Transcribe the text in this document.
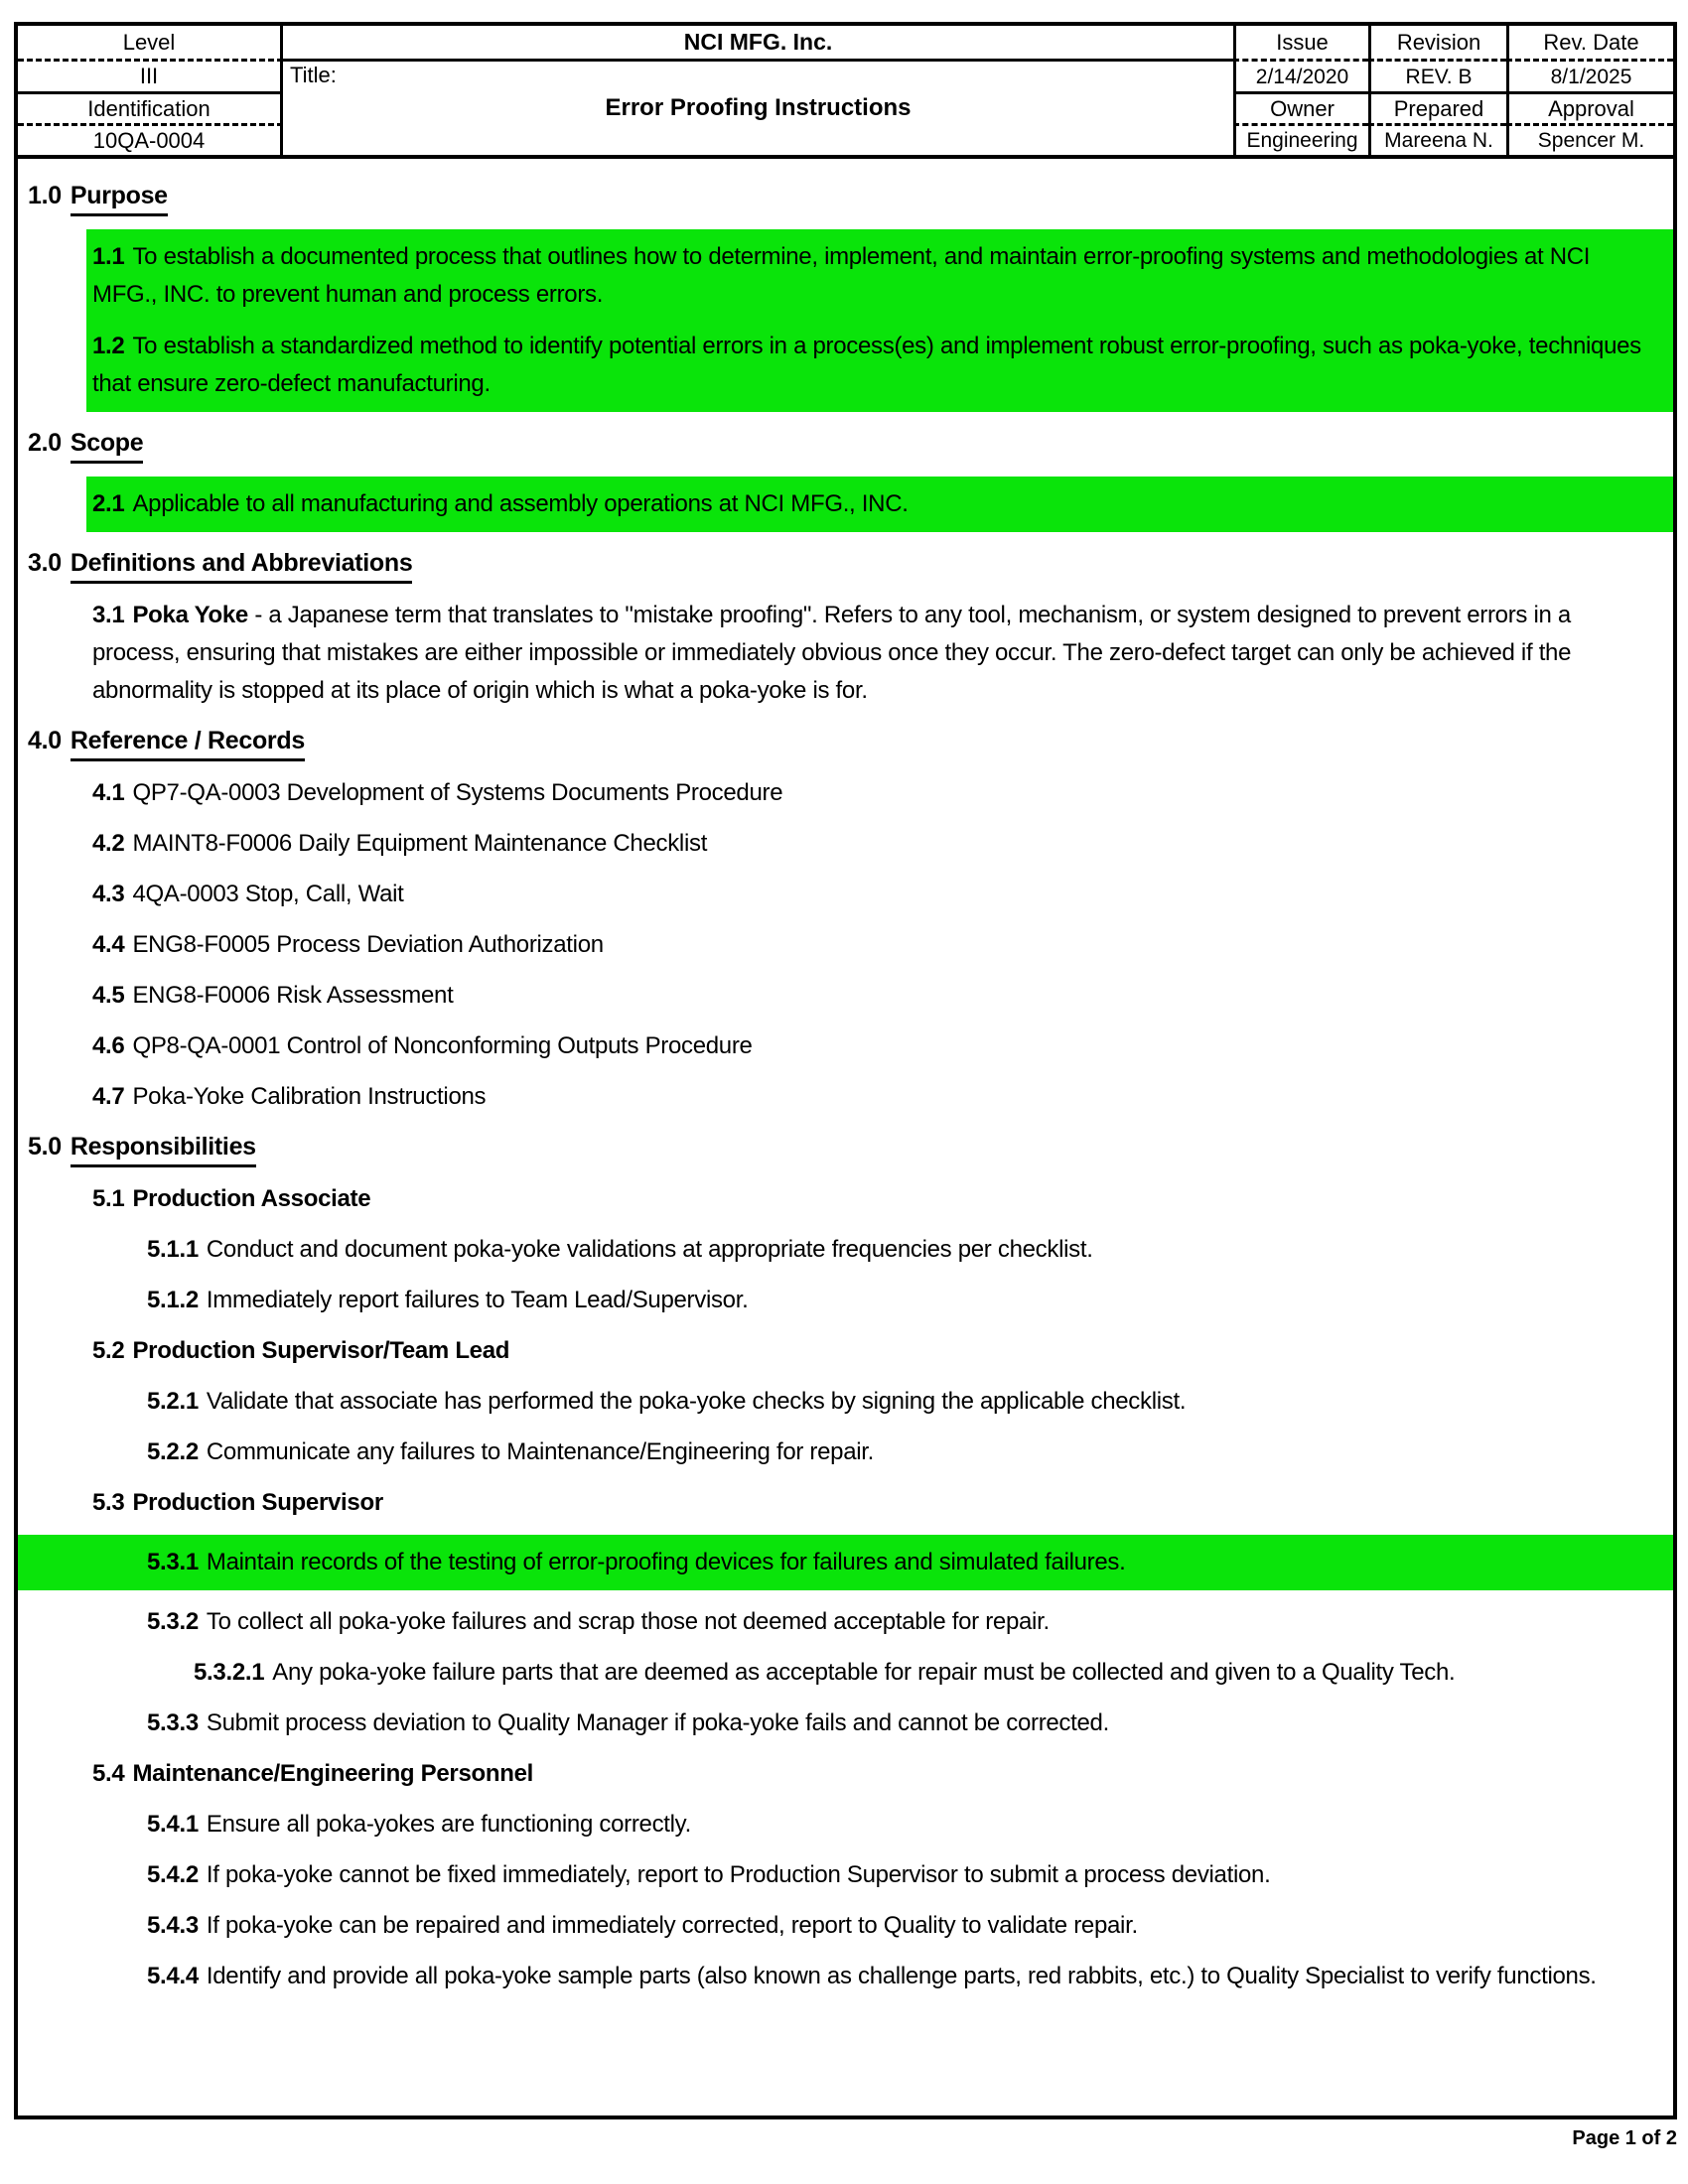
Level
III
Identification
10QA-0004
NCI MFG. Inc.
Title:
Error Proofing Instructions
Issue
2/14/2020
Owner
Engineering
Revision
REV. B
Prepared
Mareena N.
Rev. Date
8/1/2025
Approval
Spencer M.
1.0 Purpose
1.1 To establish a documented process that outlines how to determine, implement, and maintain error-proofing systems and methodologies at NCI MFG., INC. to prevent human and process errors.
1.2 To establish a standardized method to identify potential errors in a process(es) and implement robust error-proofing, such as poka-yoke, techniques that ensure zero-defect manufacturing.
2.0 Scope
2.1 Applicable to all manufacturing and assembly operations at NCI MFG., INC.
3.0 Definitions and Abbreviations
3.1 Poka Yoke - a Japanese term that translates to "mistake proofing". Refers to any tool, mechanism, or system designed to prevent errors in a process, ensuring that mistakes are either impossible or immediately obvious once they occur. The zero-defect target can only be achieved if the abnormality is stopped at its place of origin which is what a poka-yoke is for.
4.0 Reference / Records
4.1 QP7-QA-0003 Development of Systems Documents Procedure
4.2 MAINT8-F0006 Daily Equipment Maintenance Checklist
4.3 4QA-0003 Stop, Call, Wait
4.4 ENG8-F0005 Process Deviation Authorization
4.5 ENG8-F0006 Risk Assessment
4.6 QP8-QA-0001 Control of Nonconforming Outputs Procedure
4.7 Poka-Yoke Calibration Instructions
5.0 Responsibilities
5.1 Production Associate
5.1.1 Conduct and document poka-yoke validations at appropriate frequencies per checklist.
5.1.2 Immediately report failures to Team Lead/Supervisor.
5.2 Production Supervisor/Team Lead
5.2.1 Validate that associate has performed the poka-yoke checks by signing the applicable checklist.
5.2.2 Communicate any failures to Maintenance/Engineering for repair.
5.3 Production Supervisor
5.3.1 Maintain records of the testing of error-proofing devices for failures and simulated failures.
5.3.2 To collect all poka-yoke failures and scrap those not deemed acceptable for repair.
5.3.2.1 Any poka-yoke failure parts that are deemed as acceptable for repair must be collected and given to a Quality Tech.
5.3.3 Submit process deviation to Quality Manager if poka-yoke fails and cannot be corrected.
5.4 Maintenance/Engineering Personnel
5.4.1 Ensure all poka-yokes are functioning correctly.
5.4.2 If poka-yoke cannot be fixed immediately, report to Production Supervisor to submit a process deviation.
5.4.3 If poka-yoke can be repaired and immediately corrected, report to Quality to validate repair.
5.4.4 Identify and provide all poka-yoke sample parts (also known as challenge parts, red rabbits, etc.) to Quality Specialist to verify functions.
Page 1 of 2
